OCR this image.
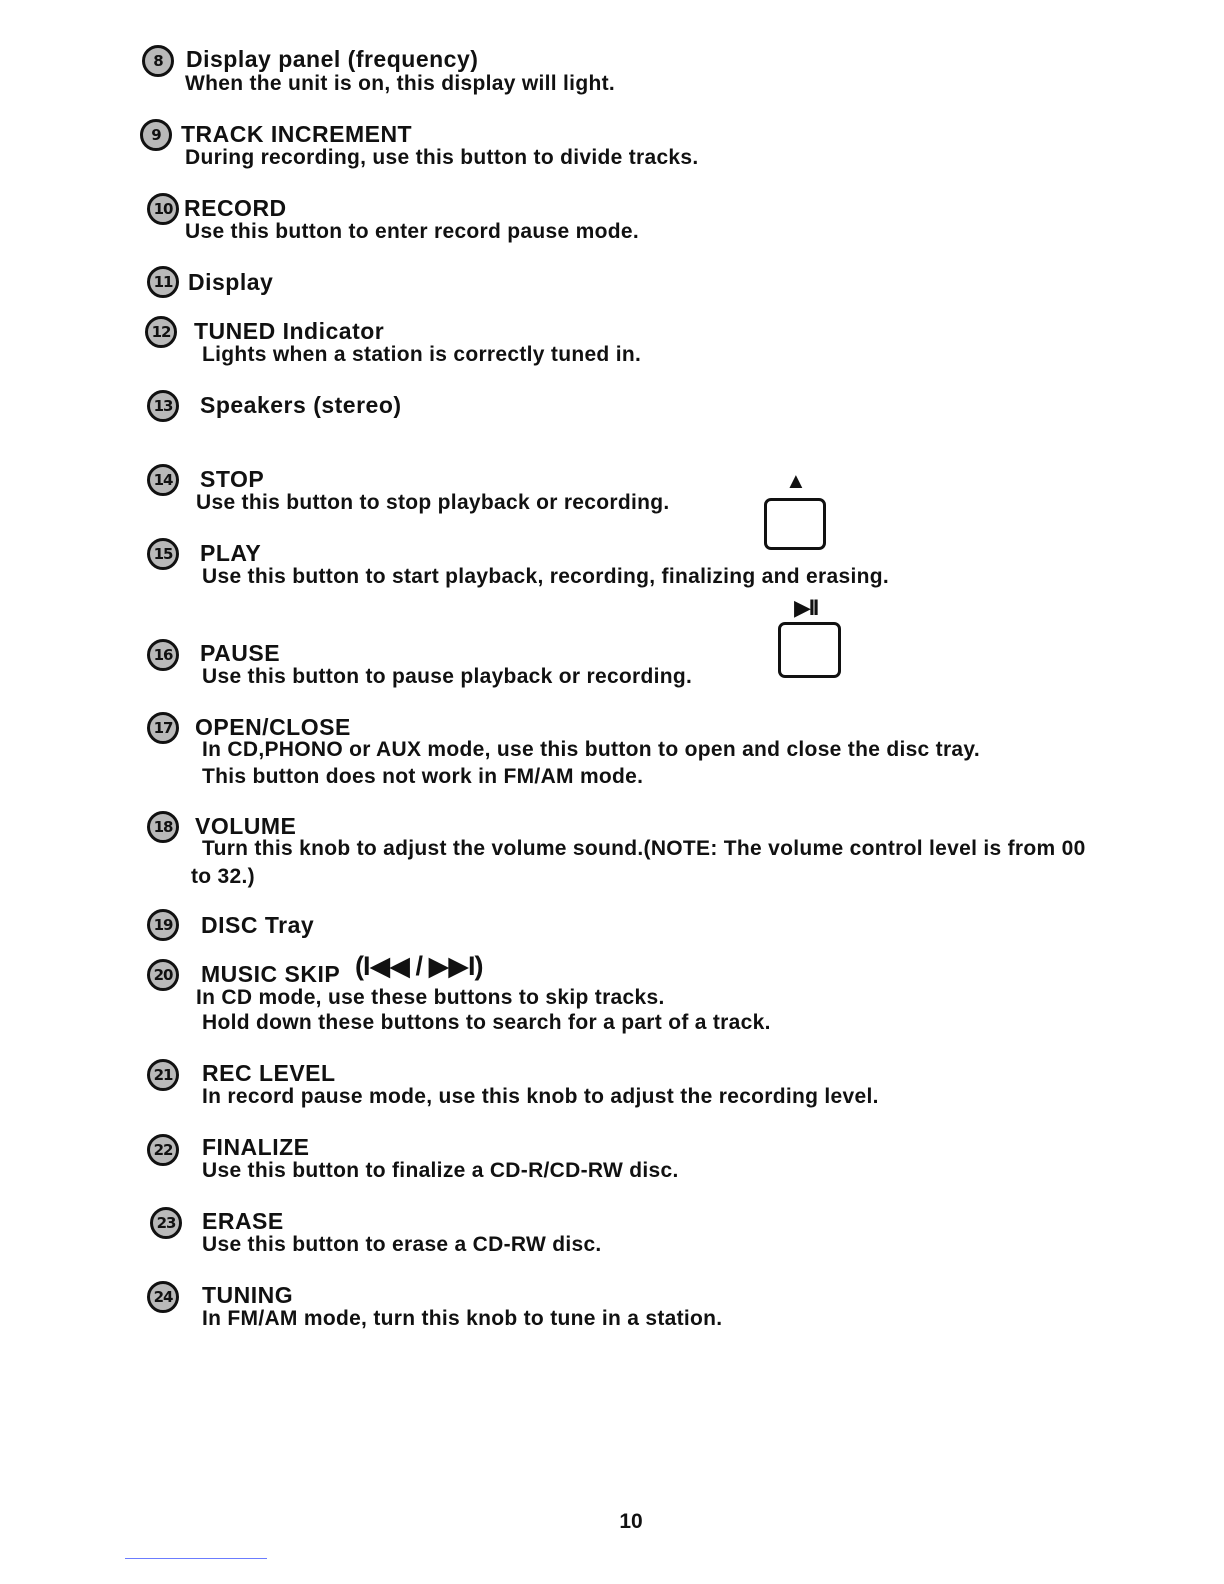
8	Display panel (frequency)
When the unit is on, this display will light.
9 TRACK INCREMENT
During recording, use this button to divide tracks.
10 RECORD
Use this button to enter record pause mode.
11 Display
12 TUNED Indicator
Lights when a station is correctly tuned in.
13 Speakers (stereo)
14 STOP
Use this button to stop playback or recording.
▲
15 PLAY
Use this button to start playback, recording, finalizing and erasing.
▶II
16 PAUSE
Use this button to pause playback or recording.
17 OPEN/CLOSE
In CD,PHONO or AUX mode, use this button to open and close the disc tray.
This button does not work in FM/AM mode.
18 VOLUME
Turn this knob to adjust the volume sound.(NOTE: The volume control level is from 00
to 32.)
19 DISC Tray
20 MUSIC SKIP (I◀◀ / ▶▶I)
In CD mode, use these buttons to skip tracks.
Hold down these buttons to search for a part of a track.
21 REC LEVEL
In record pause mode, use this knob to adjust the recording level.
22 FINALIZE
Use this button to finalize a CD-R/CD-RW disc.
23 ERASE
Use this button to erase a CD-RW disc.
24 TUNING
In FM/AM mode, turn this knob to tune in a station.
10
